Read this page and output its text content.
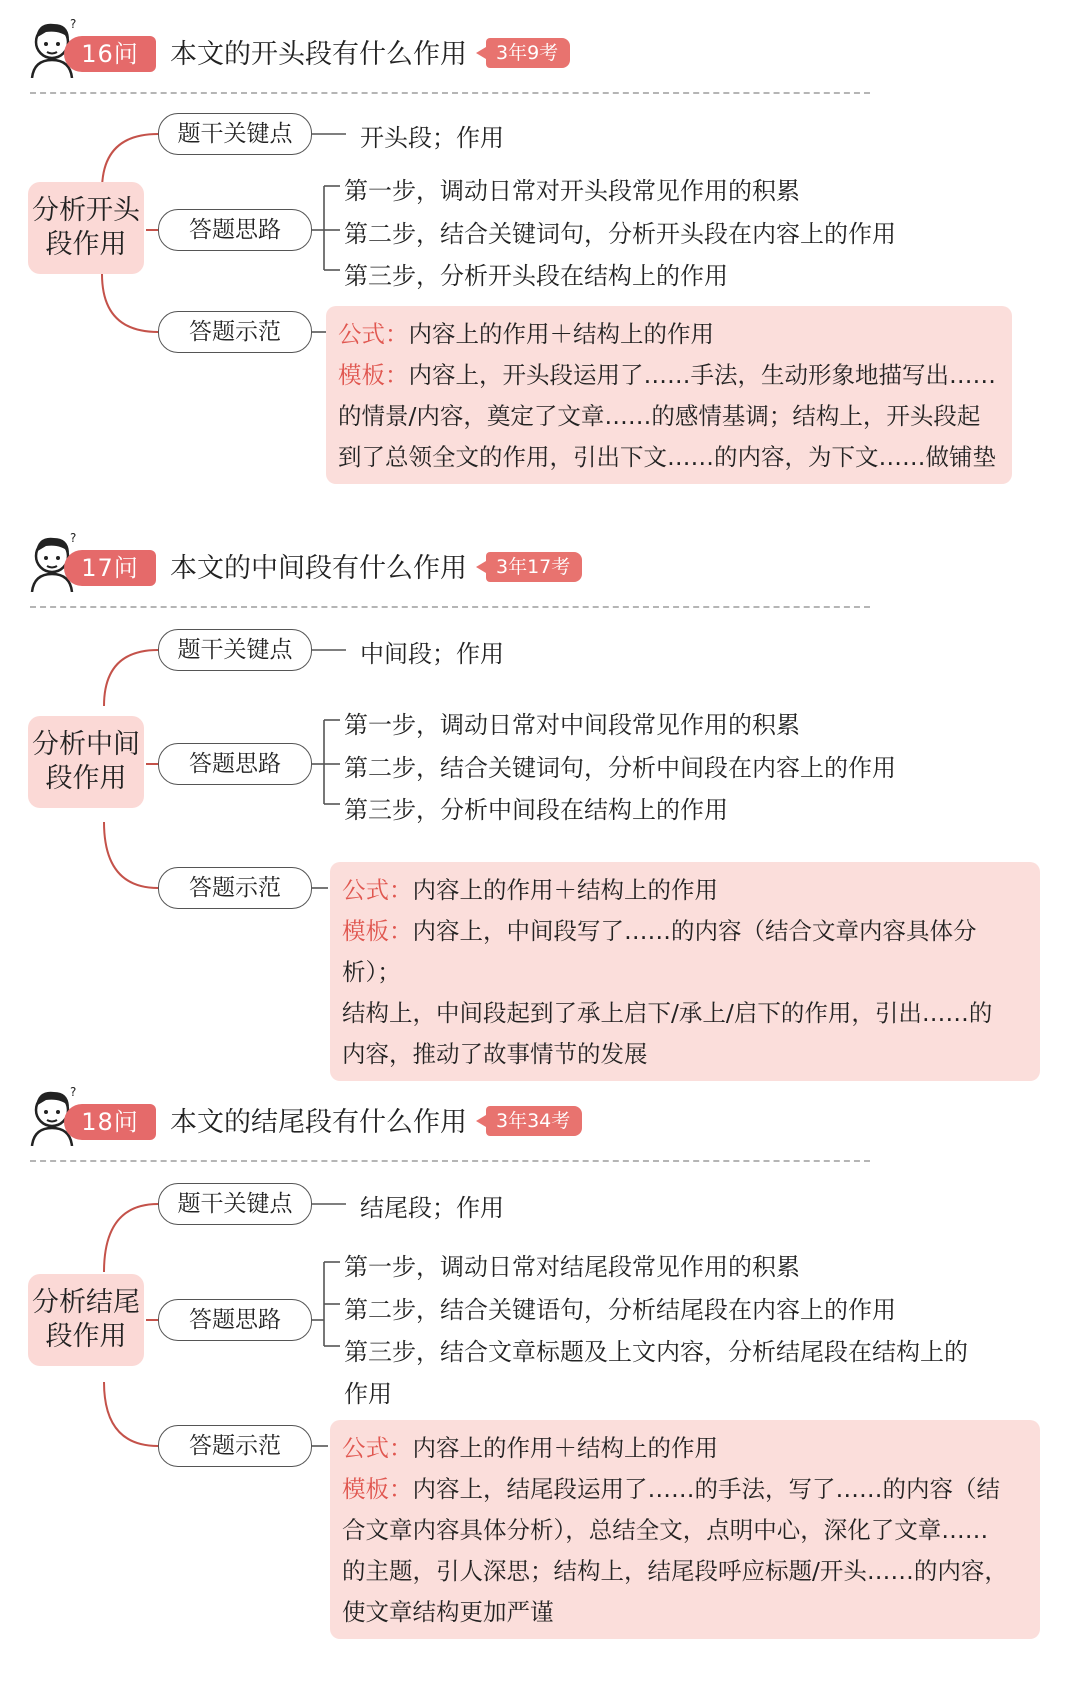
?
16问	本文的开头段有什么作用	3年9考
分析开头
段作用
题干关键点	开头段；作用
答题思路
第一步，调动日常对开头段常见作用的积累
第二步，结合关键词句，分析开头段在内容上的作用
第三步，分析开头段在结构上的作用
答题示范	公式：内容上的作用＋结构上的作用

模板：内容上，开头段运用了……手法，生动形象地描写出……

的情景/内容，奠定了文章……的感情基调；结构上，开头段起

到了总领全文的作用，引出下文……的内容，为下文……做铺垫

?
17问	本文的中间段有什么作用	3年17考
分析中间
段作用
题干关键点	中间段；作用
答题思路
第一步，调动日常对中间段常见作用的积累
第二步，结合关键词句，分析中间段在内容上的作用
第三步，分析中间段在结构上的作用
答题示范	公式：内容上的作用＋结构上的作用

模板：内容上，中间段写了……的内容（结合文章内容具体分析）；

结构上，中间段起到了承上启下/承上/启下的作用，引出……的

内容，推动了故事情节的发展

?
18问	本文的结尾段有什么作用	3年34考
分析结尾
段作用
题干关键点	结尾段；作用
答题思路
第一步，调动日常对结尾段常见作用的积累
第二步，结合关键语句，分析结尾段在内容上的作用
第三步，结合文章标题及上文内容，分析结尾段在结构上的
作用
答题示范	公式：内容上的作用＋结构上的作用

模板：内容上，结尾段运用了……的手法，写了……的内容（结

合文章内容具体分析），总结全文，点明中心，深化了文章……

的主题，引人深思；结构上，结尾段呼应标题/开头……的内容，

使文章结构更加严谨
